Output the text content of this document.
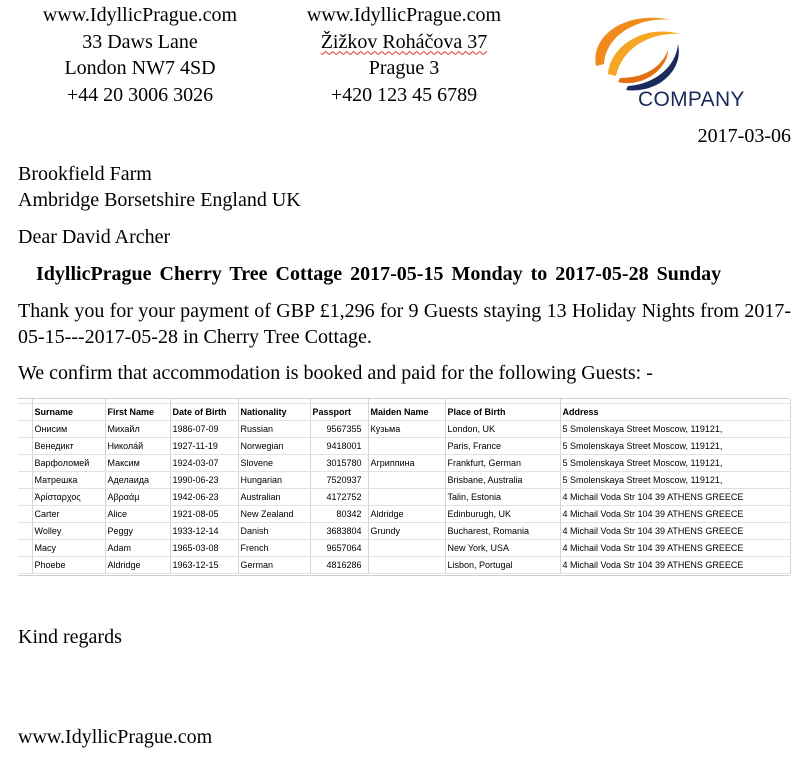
www.IdyllicPrague.com
33 Daws Lane
London NW7 4SD
+44 20 3006 3026
www.IdyllicPrague.com
Žižkov Roháčova 37
Prague 3
+420 123 45 6789	COMPANY
2017-03-06
Brookfield Farm
Ambridge Borsetshire England UK
Dear David Archer
IdyllicPrague Cherry Tree Cottage 2017-05-15 Monday to 2017-05-28 Sunday
Thank you for your payment of GBP £1,296 for 9 Guests staying 13 Holiday Nights from 2017-05-15---2017-05-28 in Cherry Tree Cottage.
We confirm that accommodation is booked and paid for the following Guests: -

	Surname	First Name	Date of Birth	Nationality	Passport	Maiden Name	Place of Birth	Address
	Онисим	Михайл	1986-07-09	Russian	9567355	Кузьма	London, UK	5 Smolenskaya Street Moscow, 119121,
	Венедикт	Никола́й	1927-11-19	Norwegian	9418001		Paris, France	5 Smolenskaya Street Moscow, 119121,
	Варфоломей	Максим	1924-03-07	Slovene	3015780	Агриппина	Frankfurt, German	5 Smolenskaya Street Moscow, 119121,
	Матрешка	Аделаида	1990-06-23	Hungarian	7520937		Brisbane, Australia	5 Smolenskaya Street Moscow, 119121,
	Ἀρίσταρχος	Αβραάμ	1942-06-23	Australian	4172752		Talin, Estonia	4 Michail Voda Str 104 39 ATHENS GREECE
	Carter	Alice	1921-08-05	New Zealand	80342	Aldridge	Edinburugh, UK	4 Michail Voda Str 104 39 ATHENS GREECE
	Wolley	Peggy	1933-12-14	Danish	3683804	Grundy	Bucharest, Romania	4 Michail Voda Str 104 39 ATHENS GREECE
	Macy	Adam	1965-03-08	French	9657064		New York, USA	4 Michail Voda Str 104 39 ATHENS GREECE
	Phoebe	Aldridge	1963-12-15	German	4816286		Lisbon, Portugal	4 Michail Voda Str 104 39 ATHENS GREECE
Kind regards
www.IdyllicPrague.com
